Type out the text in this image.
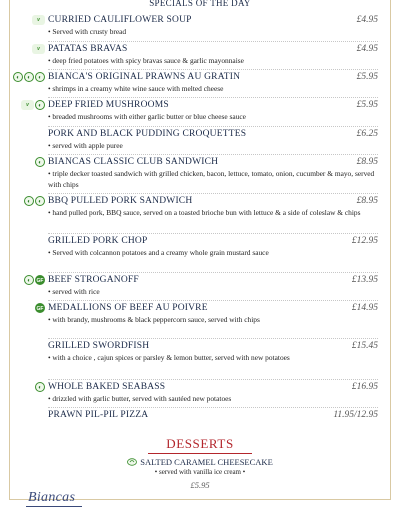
SPECIALS OF THE DAY
v CURRIED CAULIFLOWER SOUP	£4.95
• Served with crusty bread
v PATATAS BRAVAS	£4.95
• deep fried potatoes with spicy bravas sauce & garlic mayonnaise
◐
◐
◐	BIANCA'S ORIGINAL PRAWNS AU GRATIN	£5.95
• shrimps in a creamy white wine sauce with melted cheese
◐
v	DEEP FRIED MUSHROOMS	£5.95
• breaded mushrooms with either garlic butter or blue cheese sauce
PORK AND BLACK PUDDING CROQUETTES	£6.25
• served with apple puree
◐ BIANCAS CLASSIC CLUB SANDWICH	£8.95
• triple decker toasted sandwich with grilled chicken, bacon, lettuce, tomato, onion, cucumber & mayo, served with chips
◐
◐	BBQ PULLED PORK SANDWICH	£8.95
• hand pulled pork, BBQ sauce, served on a toasted brioche bun with lettuce & a side of coleslaw & chips
GRILLED PORK CHOP	£12.95
• Served with colcannon potatoes and a creamy whole grain mustard sauce
GF
◐	BEEF STROGANOFF	£13.95
• served with rice
GF MEDALLIONS OF BEEF AU POIVRE	£14.95
• with brandy, mushrooms & black peppercorn sauce, served with chips
GRILLED SWORDFISH	£15.45
• with a choice , cajun spices or parsley & lemon butter, served with new potatoes
◐ WHOLE BAKED SEABASS	£16.95
• drizzled with garlic butter, served with sautéed new potatoes
PRAWN PIL-PIL PIZZA	11.95/12.95
DESSERTS
SALTED CARAMEL CHEESECAKE
• served with vanilla ice cream •
£5.95
Biancas
